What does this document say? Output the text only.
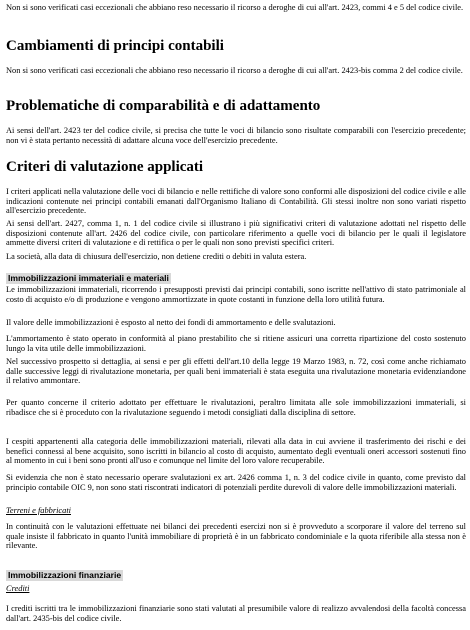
Non si sono verificati casi eccezionali che abbiano reso necessario il ricorso a deroghe di cui all'art. 2423, commi 4 e 5 del codice civile.

Cambiamenti di principi contabili

Non si sono verificati casi eccezionali che abbiano reso necessario il ricorso a deroghe di cui all'art. 2423-bis comma 2 del codice civile.

Problematiche di comparabilità e di adattamento

Ai sensi dell'art. 2423 ter del codice civile, si precisa che tutte le voci di bilancio sono risultate comparabili con l'esercizio precedente; non vi è stata pertanto necessità di adattare alcuna voce dell'esercizio precedente.

Criteri di valutazione applicati

I criteri applicati nella valutazione delle voci di bilancio e nelle rettifiche di valore sono conformi alle disposizioni del codice civile e alle indicazioni contenute nei principi contabili emanati dall'Organismo Italiano di Contabilità. Gli stessi inoltre non sono variati rispetto all'esercizio precedente.

Ai sensi dell'art. 2427, comma 1, n. 1 del codice civile si illustrano i più significativi criteri di valutazione adottati nel rispetto delle disposizioni contenute all'art. 2426 del codice civile, con particolare riferimento a quelle voci di bilancio per le quali il legislatore ammette diversi criteri di valutazione e di rettifica o per le quali non sono previsti specifici criteri.

La società, alla data di chiusura dell'esercizio, non detiene crediti o debiti in valuta estera.

Immobilizzazioni immateriali e materiali

Le immobilizzazioni immateriali, ricorrendo i presupposti previsti dai principi contabili, sono iscritte nell'attivo di stato patrimoniale al costo di acquisto e/o di produzione e vengono ammortizzate in quote costanti in funzione della loro utilità futura.

Il valore delle immobilizzazioni è esposto al netto dei fondi di ammortamento e delle svalutazioni.

L'ammortamento è stato operato in conformità al piano prestabilito che si ritiene assicuri una corretta ripartizione del costo sostenuto lungo la vita utile delle immobilizzazioni.

Nel successivo prospetto si dettaglia, ai sensi e per gli effetti dell'art.10 della legge 19 Marzo 1983, n. 72, così come anche richiamato dalle successive leggi di rivalutazione monetaria, per quali beni immateriali è stata eseguita una rivalutazione monetaria evidenziandone il relativo ammontare.

Per quanto concerne il criterio adottato per effettuare le rivalutazioni, peraltro limitata alle sole immobilizzazioni immateriali, si ribadisce che si è proceduto con la rivalutazione seguendo i metodi consigliati dalla disciplina di settore.

I cespiti appartenenti alla categoria delle immobilizzazioni materiali, rilevati alla data in cui avviene il trasferimento dei rischi e dei benefici connessi al bene acquisito, sono iscritti in bilancio al costo di acquisto, aumentato degli eventuali oneri accessori sostenuti fino al momento in cui i beni sono pronti all'uso e comunque nel limite del loro valore recuperabile.

Si evidenzia che non è stato necessario operare svalutazioni ex art. 2426 comma 1, n. 3 del codice civile in quanto, come previsto dal principio contabile OIC 9, non sono stati riscontrati indicatori di potenziali perdite durevoli di valore delle immobilizzazioni materiali.

Terreni e fabbricati

In continuità con le valutazioni effettuate nei bilanci dei precedenti esercizi non si è provveduto a scorporare il valore del terreno sul quale insiste il fabbricato in quanto l'unità immobiliare di proprietà è in un fabbricato condominiale e la quota riferibile alla stessa non è rilevante.

Immobilizzazioni finanziarie

Crediti

I crediti iscritti tra le immobilizzazioni finanziarie sono stati valutati al presumibile valore di realizzo avvalendosi della facoltà concessa dall'art. 2435-bis del codice civile.
